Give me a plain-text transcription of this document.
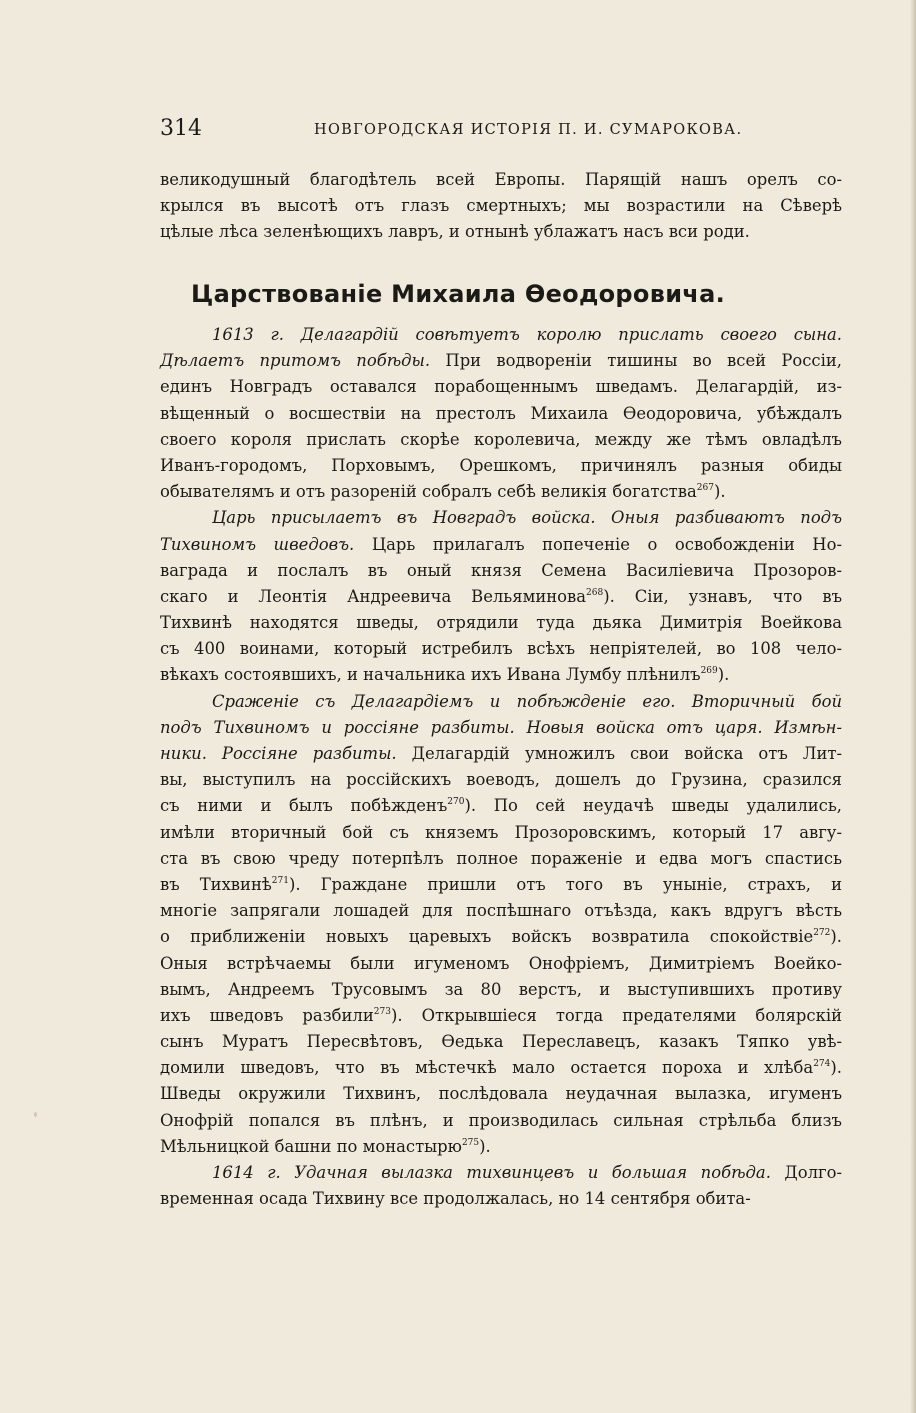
314	НОВГОРОДСКАЯ ИСТОРІЯ П. И. СУМАРОКОВА.
великодушный благодѣтель всей Европы. Парящій нашъ орелъ со-
крылся въ высотѣ отъ глазъ смертныхъ; мы возрастили на Сѣверѣ
цѣлые лѣса зеленѣющихъ лавръ, и отнынѣ ублажатъ насъ вси роди.
Царствованіе Михаила Ѳеодоровича.
1613 г. Делагардій совѣтуетъ королю прислать своего сына.
Дѣлаетъ притомъ побѣды. При водвореніи тишины во всей Россіи,
единъ Новградъ оставался порабощеннымъ шведамъ. Делагардій, из-
вѣщенный о восшествіи на престолъ Михаила Ѳеодоровича, убѣждалъ
своего короля прислать скорѣе королевича, между же тѣмъ овладѣлъ
Иванъ-городомъ, Порховымъ, Орешкомъ, причинялъ разныя обиды
обывателямъ и отъ разореній собралъ себѣ великія богатства$^{267}$).
Царь присылаетъ въ Новградъ войска. Оныя разбиваютъ подъ
Тихвиномъ шведовъ. Царь прилагалъ попеченіе о освобожденіи Но-
ваграда и послалъ въ оный князя Семена Василіевича Прозоров-
скаго и Леонтія Андреевича Вельяминова$^{268}$). Сіи, узнавъ, что въ
Тихвинѣ находятся шведы, отрядили туда дьяка Димитрія Воейкова
съ 400 воинами, который истребилъ всѣхъ непріятелей, во 108 чело-
вѣкахъ состоявшихъ, и начальника ихъ Ивана Лумбу плѣнилъ$^{269}$).
Сраженіе съ Делагардіемъ и побѣжденіе его. Вторичный бой
подъ Тихвиномъ и россіяне разбиты. Новыя войска отъ царя. Измѣн-
ники. Россіяне разбиты. Делагардій умножилъ свои войска отъ Лит-
вы, выступилъ на россійскихъ воеводъ, дошелъ до Грузина, сразился
съ ними и былъ побѣжденъ$^{270}$). По сей неудачѣ шведы удалились,
имѣли вторичный бой съ княземъ Прозоровскимъ, который 17 авгу-
ста въ свою чреду потерпѣлъ полное пораженіе и едва могъ спастись
въ Тихвинѣ$^{271}$). Граждане пришли отъ того въ уныніе, страхъ, и
многіе запрягали лошадей для поспѣшнаго отъѣзда, какъ вдругъ вѣсть
о приближеніи новыхъ царевыхъ войскъ возвратила спокойствіе$^{272}$).
Оныя встрѣчаемы были игуменомъ Онофріемъ, Димитріемъ Воейко-
вымъ, Андреемъ Трусовымъ за 80 верстъ, и выступившихъ противу
ихъ шведовъ разбили$^{273}$). Открывшіеся тогда предателями болярскій
сынъ Муратъ Пересвѣтовъ, Ѳедька Переславецъ, казакъ Тяпко увѣ-
домили шведовъ, что въ мѣстечкѣ мало остается пороха и хлѣба$^{274}$).
Шведы окружили Тихвинъ, послѣдовала неудачная вылазка, игуменъ
Онофрій попался въ плѣнъ, и производилась сильная стрѣльба близъ
Мѣльницкой башни по монастырю$^{275}$).
1614 г. Удачная вылазка тихвинцевъ и большая побѣда. Долго-
временная осада Тихвину все продолжалась, но 14 сентября обита-
